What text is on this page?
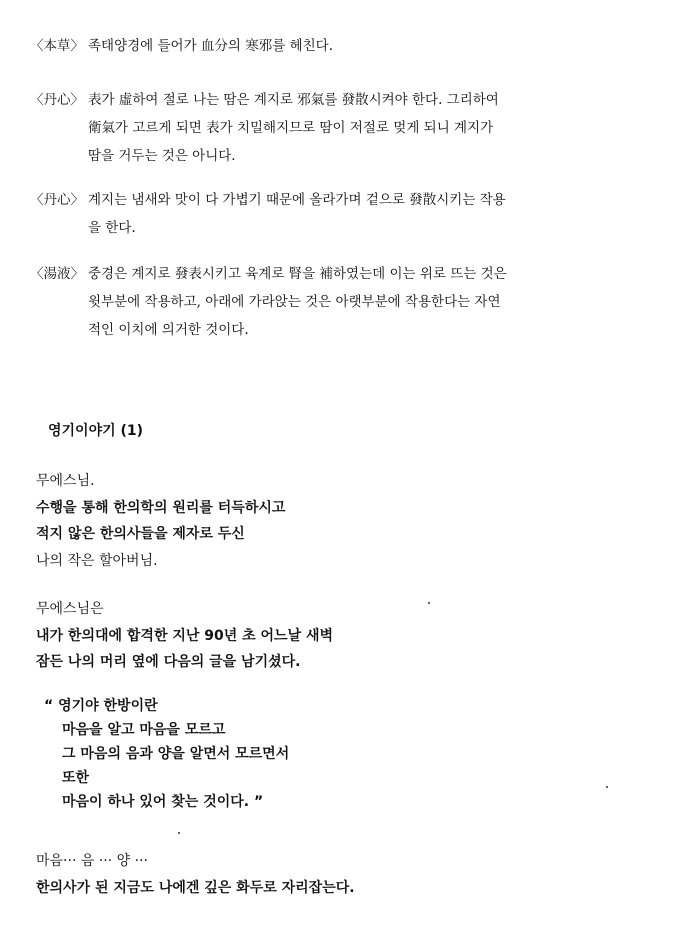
〈本草〉 족태양경에 들어가 血分의 寒邪를 헤친다.
〈丹心〉 表가 虛하여 절로 나는 땀은 계지로 邪氣를 發散시켜야 한다. 그리하여
衛氣가 고르게 되면 表가 치밀해지므로 땀이 저절로 멎게 되니 계지가
땀을 거두는 것은 아니다.
〈丹心〉 계지는 냄새와 맛이 다 가볍기 때문에 올라가며 겉으로 發散시키는 작용
을 한다.
〈湯液〉 중경은 계지로 發表시키고 육계로 腎을 補하였는데 이는 위로 뜨는 것은
윗부분에 작용하고, 아래에 가라앉는 것은 아랫부분에 작용한다는 자연
적인 이치에 의거한 것이다.
영기이야기 (1)
무에스님.
수행을 통해 한의학의 원리를 터득하시고
적지 않은 한의사들을 제자로 두신
나의 작은 할아버님.
무에스님은
내가 한의대에 합격한 지난 90년 초 어느날 새벽
잠든 나의 머리 옆에 다음의 글을 남기셨다.
“ 영기야 한방이란
마음을 알고 마음을 모르고
그 마음의 음과 양을 알면서 모르면서
또한
마음이 하나 있어 찾는 것이다. ”
마음··· 음 ··· 양 ···
한의사가 된 지금도 나에겐 깊은 화두로 자리잡는다.
